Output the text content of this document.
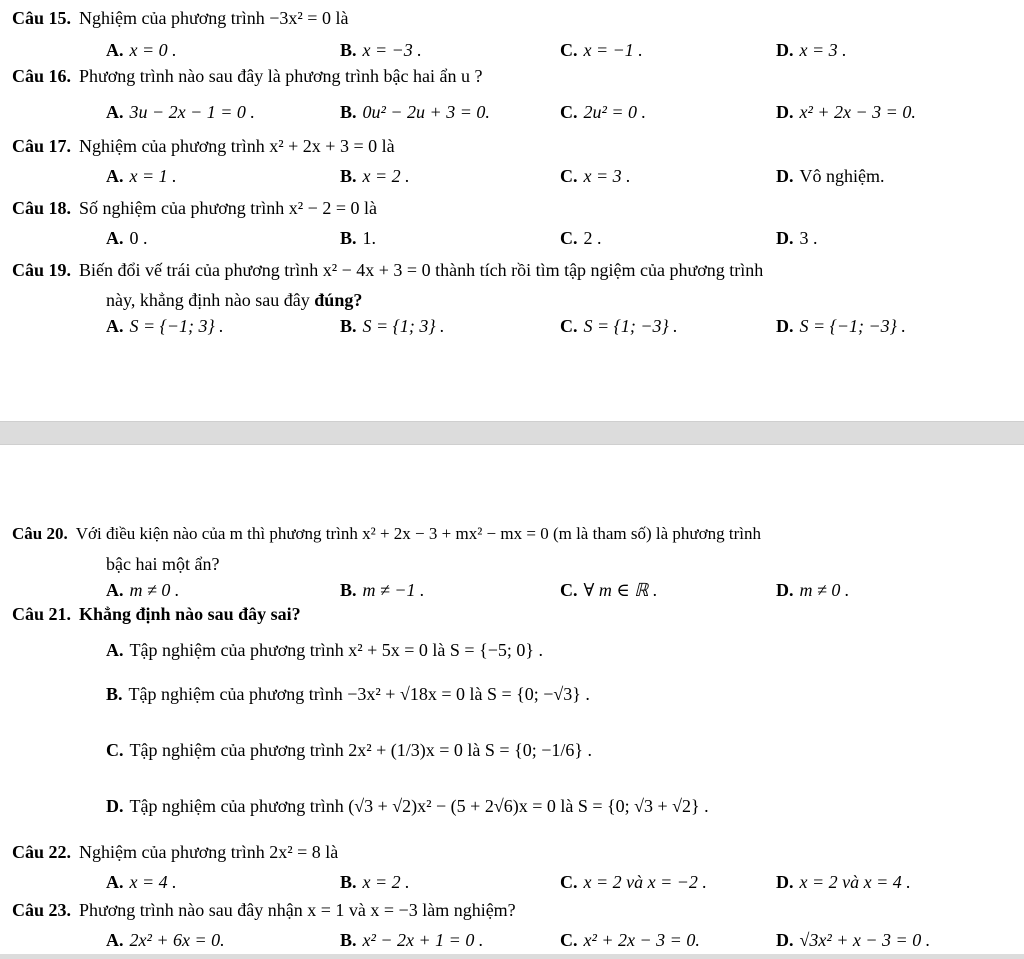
Câu 15. Nghiệm của phương trình −3x² = 0 là
A. x = 0 .	B. x = −3 .	C. x = −1 .	D. x = 3 .
Câu 16. Phương trình nào sau đây là phương trình bậc hai ẩn u ?
A. 3u − 2x − 1 = 0 .	B. 0u² − 2u + 3 = 0.	C. 2u² = 0 .	D. x² + 2x − 3 = 0.
Câu 17. Nghiệm của phương trình x² + 2x + 3 = 0 là
A. x = 1 .	B. x = 2 .	C. x = 3 .	D. Vô nghiệm.
Câu 18. Số nghiệm của phương trình x² − 2 = 0 là
A. 0 .	B. 1.	C. 2 .	D. 3 .
Câu 19. Biến đổi vế trái của phương trình x² − 4x + 3 = 0 thành tích rồi tìm tập ngiệm của phương trình
này, khẳng định nào sau đây đúng?
A. S = {−1; 3} .	B. S = {1; 3} .	C. S = {1; −3} .	D. S = {−1; −3} .
Câu 20. Với điều kiện nào của m thì phương trình x² + 2x − 3 + mx² − mx = 0 (m là tham số) là phương trình
bậc hai một ẩn?
A. m ≠ 0 .	B. m ≠ −1 .	C. ∀ m ∈ ℝ .	D. m ≠ 0 .
Câu 21. Khẳng định nào sau đây sai?
A. Tập nghiệm của phương trình x² + 5x = 0 là S = {−5; 0} .
B. Tập nghiệm của phương trình −3x² + √18x = 0 là S = {0; −√3} .
C. Tập nghiệm của phương trình 2x² + (1/3)x = 0 là S = {0; −1/6} .
D. Tập nghiệm của phương trình (√3 + √2)x² − (5 + 2√6)x = 0 là S = {0; √3 + √2} .
Câu 22. Nghiệm của phương trình 2x² = 8 là
A. x = 4 .	B. x = 2 .	C. x = 2 và x = −2 .	D. x = 2 và x = 4 .
Câu 23. Phương trình nào sau đây nhận x = 1 và x = −3 làm nghiệm?
A. 2x² + 6x = 0.	B. x² − 2x + 1 = 0 .	C. x² + 2x − 3 = 0.	D. √3x² + x − 3 = 0 .
